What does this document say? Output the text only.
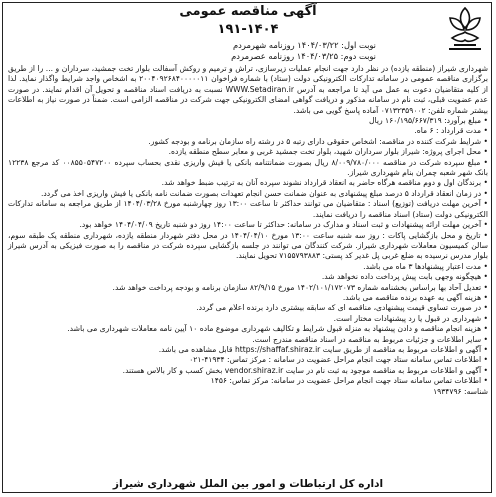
آگهی مناقصه عمومی
۱۹۱-۱۴۰۴
نوبت اول: ۱۴۰۴/۰۳/۲۲ روزنامه شهرمردم
نوبت دوم: ۱۴۰۴/۰۳/۲۵ روزنامه عصرمردم

شهرداری شیراز (منطقه یازده) در نظر دارد جهت انجام عملیات زیرسازی، تراش و ترمیم و روکش آسفالت بلوار تخت جمشید، سرداران و ... را از طریق برگزاری مناقصه عمومی در سامانه تدارکات الکترونیکی دولت (ستاد) با شماره فراخوان ۲۰۰۴۰۹۲۶۸۴۰۰۰۰۰۱۱ به اشخاص واجد شرایط واگذار نماید. لذا از کلیه متقاضیان دعوت به عمل می آید تا مراجعه به آدرس WWW.Setadiran.ir نسبت به دریافت اسناد مناقصه و تحویل آن اقدام نمایند. در صورت عدم عضویت قبلی، ثبت نام در سامانه مذکور و دریافت گواهی امضای الکترونیکی جهت شرکت در مناقصه الزامی است. ضمناً در صورت نیاز به اطلاعات بیشتر شماره تلفن: ۰۷۱۳۲۳۵۹۰۰۲ آماده پاسخ گویی می باشد.

• مبلغ برآورد: ۱۶۰/۱۹۵/۶۶۷/۳۱۹ ریال

• مدت قرارداد : ۶ ماه.

• شرایط شرکت کننده در مناقصه: اشخاص حقوقی دارای رتبه ۵ در رشته راه سازمان برنامه و بودجه کشور.

• محل اجرای پروژه: شیراز بلوار سرداران شهید، بلوار تخت جمشید غربی و معابر سطح منطقه یازده.

• مبلغ سپرده شرکت در مناقصه ۸/۰۰۹/۷۸۰/۰۰۰ ریال بصورت ضمانتنامه بانکی یا فیش واریزی نقدی بحساب سپرده ۰۰۸۵۵۰۵۴۷۲۰۰ کد مرجع ۱۲۲۳۸ بانک شهر شعبه چمران بنام شهرداری شیراز.

• برندگان اول و دوم مناقصه هرگاه حاضر به انعقاد قرارداد نشوند سپرده آنان به ترتیب ضبط خواهد شد.

• در زمان انعقاد قرارداد ۵ درصد مبلغ پیشنهادی به عنوان ضمانت حسن انجام تعهدات بصورت ضمانت نامه بانکی یا فیش واریزی اخذ می گردد.

• آخرین مهلت دریافت (توزیع) اسناد : متقاضیان می توانند حداکثر تا ساعت ۱۳:۰۰ روز چهارشنبه مورخ ۱۴۰۴/۰۳/۲۸ از طریق مراجعه به سامانه تدارکات الکترونیکی دولت (ستاد) اسناد مناقصه را دریافت نمایند.

• آخرین مهلت ارائه پیشنهادات و ثبت اسناد و مدارک در سامانه: حداکثر تا ساعت ۱۴:۰۰ روز دو شنبه تاریخ ۱۴۰۴/۰۴/۰۹ خواهد بود.

• تاریخ و محل بازگشایی پاکات : روز سه شنبه ساعت ۱۳:۰۰ مورخ ۱۴۰۴/۰۴/۱۰ در محل دفتر شهردار منطقه یازده، شهرداری منطقه یک طبقه سوم، سالن کمیسیون معاملات شهرداری شیراز. شرکت کنندگان می توانند در جلسه بازگشایی سپرده شرکت در مناقصه را به صورت فیزیکی به آدرس شیراز بلوار مدرس نرسیده به ضلع غربی پل غدیر کد پستی: ۷۱۵۵۷۹۳۸۸۳ تحویل نمایند.

• مدت اعتبار پیشنهادها ۳ ماه می باشد.

• هیچگونه وجهی بابت پیش پرداخت داده نخواهد شد.

• تعدیل آحاد بها براساس بخشنامه شماره ۱۴۰۲/۱۰۱/۱۷۲۰۷۳ مورخ ۸۲/۹/۱۵ سازمان برنامه و بودجه پرداخت خواهد شد.

• هزینه آگهی به عهده برنده مناقصه می باشد.

• در صورت تساوی قیمت پیشنهادی، مناقصه ای که سابقه بیشتری دارد برنده اعلام می گردد.

• شهرداری در قبول یا رد پیشنهادات مختار است.

• هزینه انجام مناقصه و دادن پیشنهاد به منزله قبول شرایط و تکالیف شهرداری موضوع ماده ۱۰ آیین نامه معاملات شهرداری می باشد.

• سایر اطلاعات و جزئیات مربوط به مناقصه در اسناد مناقصه مندرج است.

• آگهی و اطلاعات مربوط به مناقصه از طریق سایت https://shaffaf.shiraz.ir قابل مشاهده می باشد.

• اطلاعات تماس سامانه ستاد جهت انجام مراحل عضویت در سامانه : مرکز تماس: ۴۱۹۳۴-۰۲۱

• آگهی و اطلاعات مربوط به مناقصه موجود به ثبت نام در سایت vendor.shiraz.ir بخش کسب و کار بالاس هستند.

• اطلاعات تماس سامانه ستاد جهت انجام مراحل عضویت در سامانه: مرکز تماس: ۱۴۵۶

شناسه: ۱۹۳۴۷۹۶

اداره کل ارتباطات و امور بین الملل شهرداری شیراز
